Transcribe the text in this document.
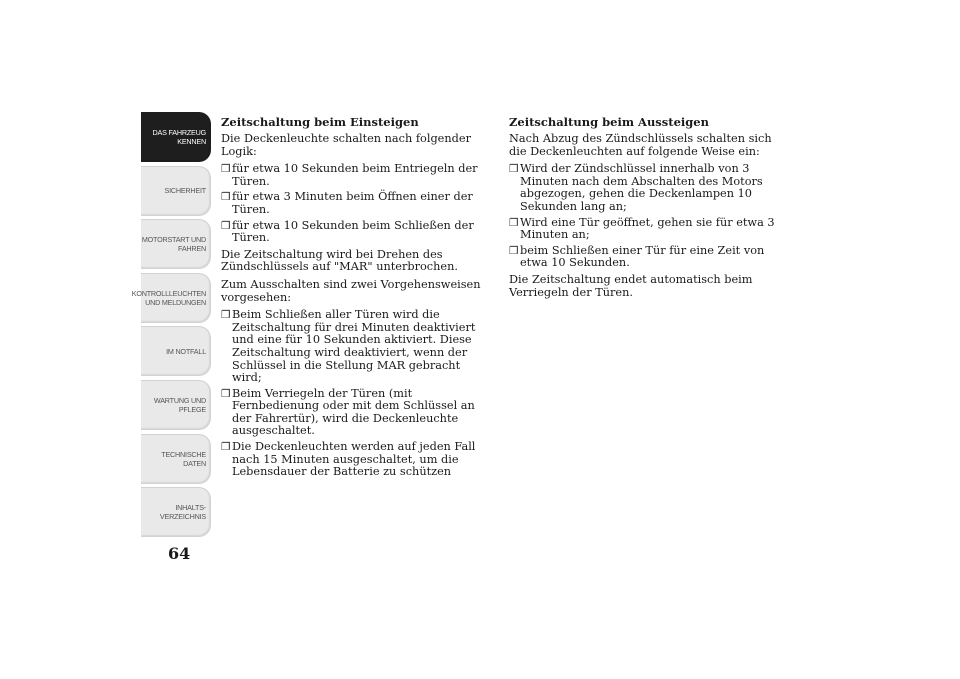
DAS FAHRZEUG
KENNEN
SICHERHEIT
MOTORSTART UND
FAHREN
KONTROLLLEUCHTEN
UND MELDUNGEN
IM NOTFALL
WARTUNG UND
PFLEGE
TECHNISCHE
DATEN
INHALTS-
VERZEICHNIS
64
Zeitschaltung beim Einsteigen

Die Deckenleuchte schalten nach folgender Logik:

❒ für etwa 10 Sekunden beim Entriegeln der Türen.
❒ für etwa 3 Minuten beim Öffnen einer der Türen.
❒ für etwa 10 Sekunden beim Schließen der Türen.

Die Zeitschaltung wird bei Drehen des Zündschlüssels auf "MAR" unterbrochen.

Zum Ausschalten sind zwei Vorgehensweisen vorgesehen:

❒ Beim Schließen aller Türen wird die Zeitschaltung für drei Minuten deaktiviert und eine für 10 Sekunden aktiviert. Diese Zeitschaltung wird deaktiviert, wenn der Schlüssel in die Stellung MAR gebracht wird;
❒ Beim Verriegeln der Türen (mit Fernbedienung oder mit dem Schlüssel an der Fahrertür), wird die Deckenleuchte ausgeschaltet.
❒ Die Deckenleuchten werden auf jeden Fall nach 15 Minuten ausgeschaltet, um die Lebensdauer der Batterie zu schützen
Zeitschaltung beim Aussteigen

Nach Abzug des Zündschlüssels schalten sich die Deckenleuchten auf folgende Weise ein:

❒ Wird der Zündschlüssel innerhalb von 3 Minuten nach dem Abschalten des Motors abgezogen, gehen die Deckenlampen 10 Sekunden lang an;
❒ Wird eine Tür geöffnet, gehen sie für etwa 3 Minuten an;
❒ beim Schließen einer Tür für eine Zeit von etwa 10 Sekunden.

Die Zeitschaltung endet automatisch beim Verriegeln der Türen.
